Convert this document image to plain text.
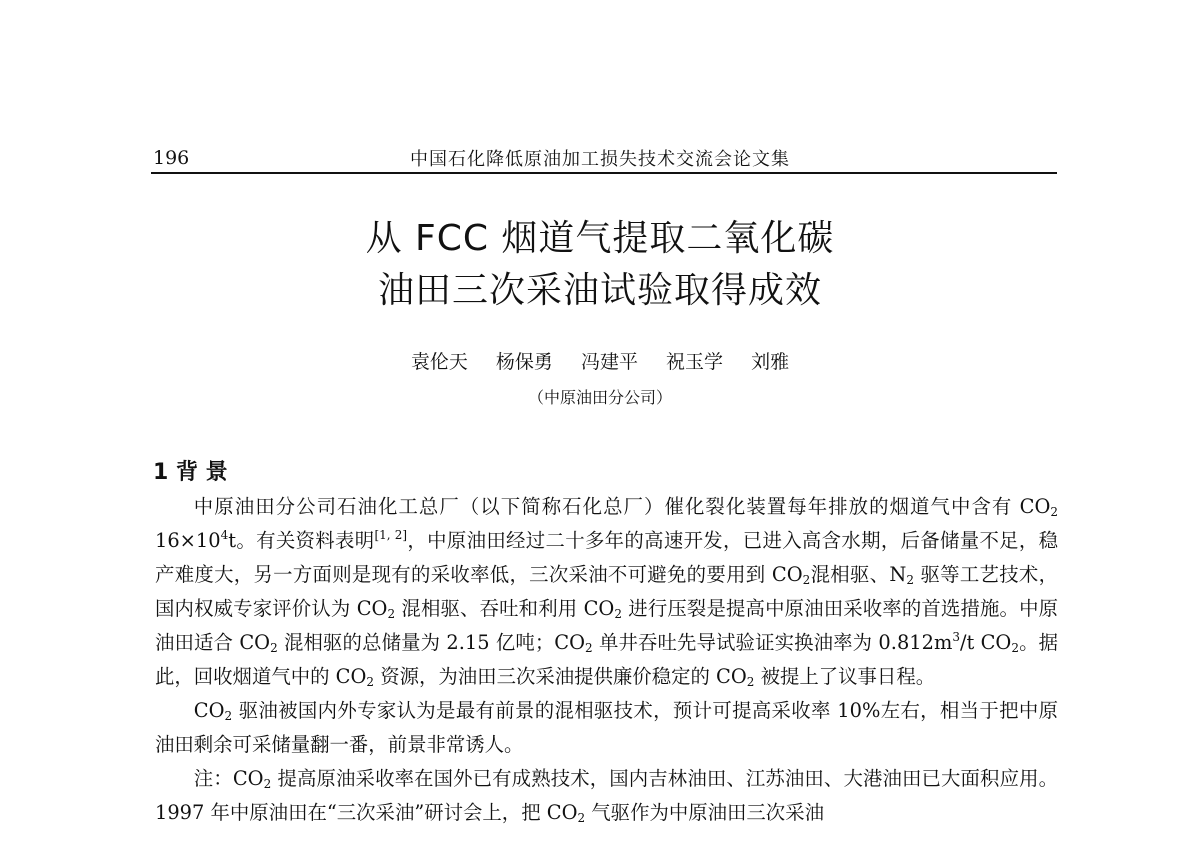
196	中国石化降低原油加工损失技术交流会论文集
从 FCC 烟道气提取二氧化碳
油田三次采油试验取得成效
袁伦天 杨保勇 冯建平 祝玉学 刘雅
（中原油田分公司）
1 背 景

中原油田分公司石油化工总厂（以下简称石化总厂）催化裂化装置每年排放的烟道气中含有 $CO_2$ $16\times 10^4t$。有关资料表明[1, 2]，中原油田经过二十多年的高速开发，已进入高含水期，后备储量不足，稳产难度大，另一方面则是现有的采收率低，三次采油不可避免的要用到 $CO_2$混相驱、$N_2$ 驱等工艺技术，国内权威专家评价认为 $CO_2$ 混相驱、吞吐和利用 $CO_2$ 进行压裂是提高中原油田采收率的首选措施。中原油田适合 $CO_2$ 混相驱的总储量为 2.15 亿吨；$CO_2$ 单井吞吐先导试验证实换油率为 $0.812m^3/t$ $CO_2$。据此，回收烟道气中的 $CO_2$ 资源，为油田三次采油提供廉价稳定的 $CO_2$ 被提上了议事日程。

$CO_2$ 驱油被国内外专家认为是最有前景的混相驱技术，预计可提高采收率 10%左右，相当于把中原油田剩余可采储量翻一番，前景非常诱人。

注：$CO_2$ 提高原油采收率在国外已有成熟技术，国内吉林油田、江苏油田、大港油田已大面积应用。1997 年中原油田在“三次采油”研讨会上，把 $CO_2$ 气驱作为中原油田三次采油
